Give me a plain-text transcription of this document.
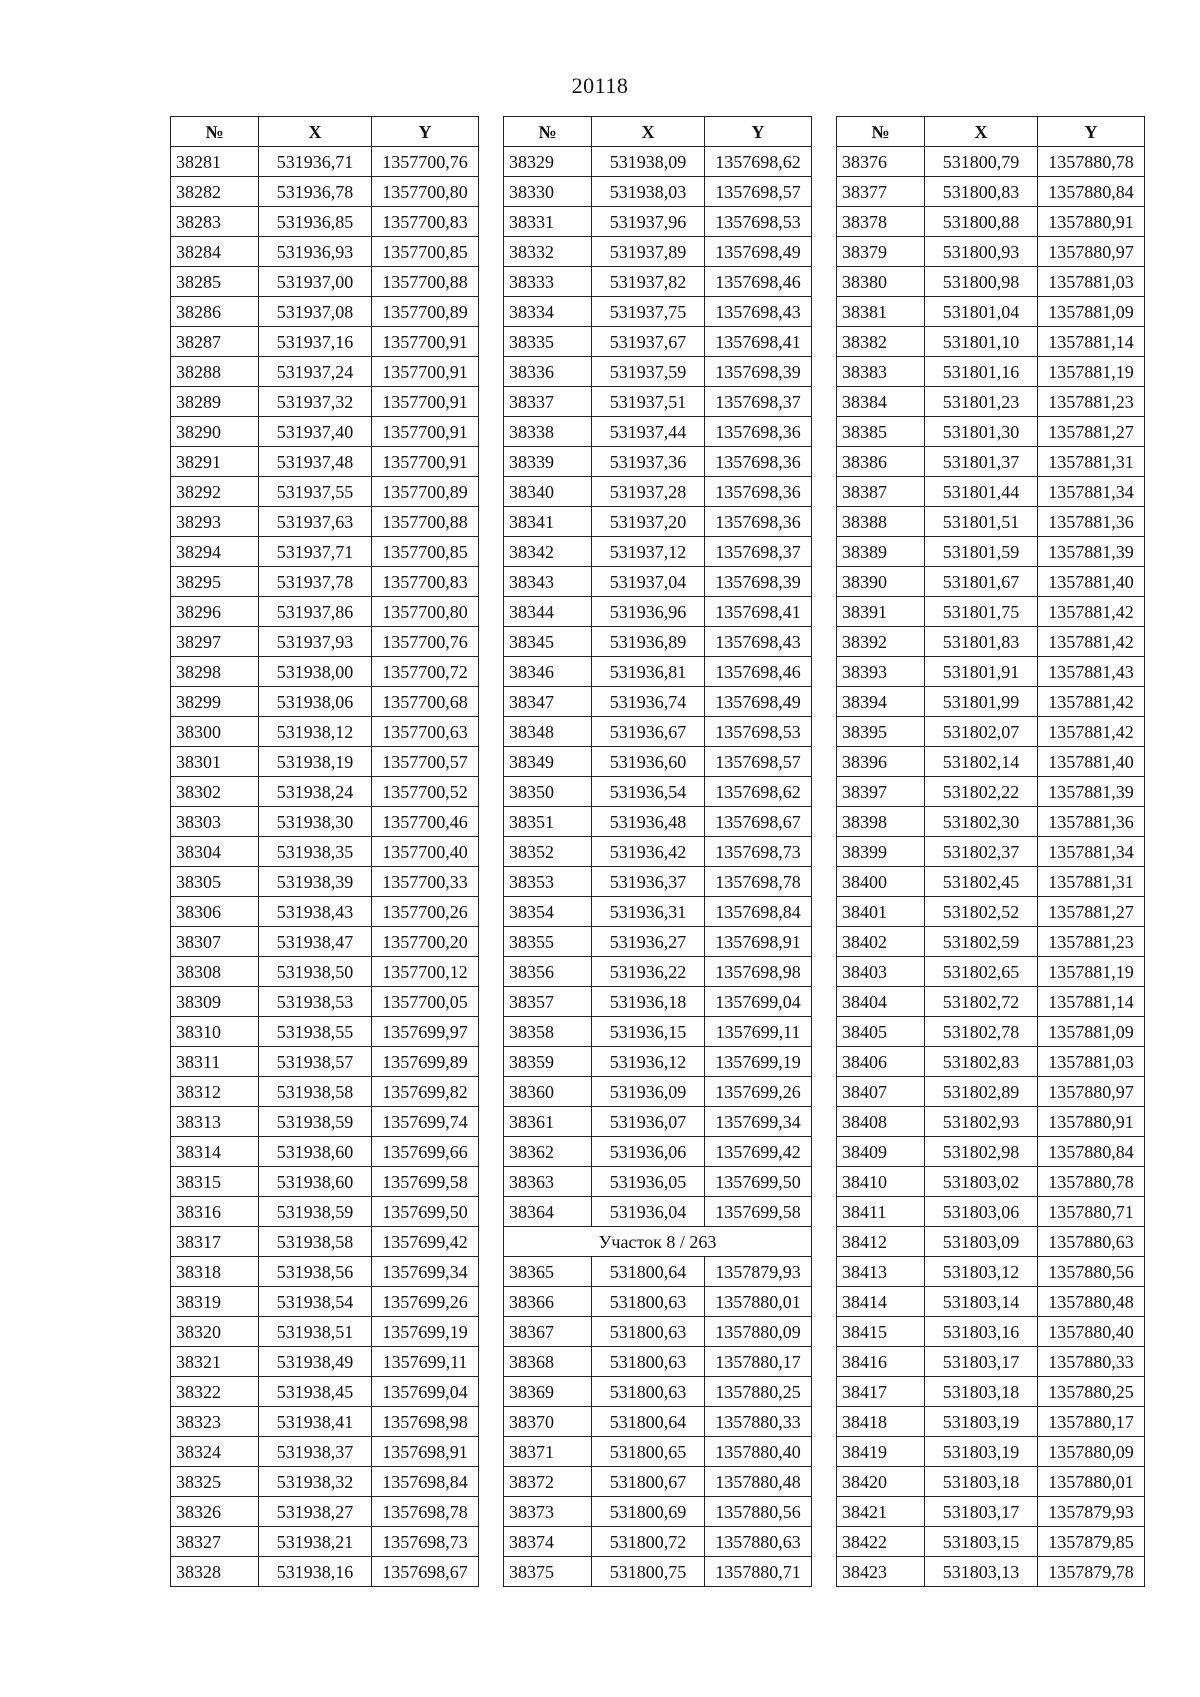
20118
№	X	Y
38281	531936,71	1357700,76
38282	531936,78	1357700,80
38283	531936,85	1357700,83
38284	531936,93	1357700,85
38285	531937,00	1357700,88
38286	531937,08	1357700,89
38287	531937,16	1357700,91
38288	531937,24	1357700,91
38289	531937,32	1357700,91
38290	531937,40	1357700,91
38291	531937,48	1357700,91
38292	531937,55	1357700,89
38293	531937,63	1357700,88
38294	531937,71	1357700,85
38295	531937,78	1357700,83
38296	531937,86	1357700,80
38297	531937,93	1357700,76
38298	531938,00	1357700,72
38299	531938,06	1357700,68
38300	531938,12	1357700,63
38301	531938,19	1357700,57
38302	531938,24	1357700,52
38303	531938,30	1357700,46
38304	531938,35	1357700,40
38305	531938,39	1357700,33
38306	531938,43	1357700,26
38307	531938,47	1357700,20
38308	531938,50	1357700,12
38309	531938,53	1357700,05
38310	531938,55	1357699,97
38311	531938,57	1357699,89
38312	531938,58	1357699,82
38313	531938,59	1357699,74
38314	531938,60	1357699,66
38315	531938,60	1357699,58
38316	531938,59	1357699,50
38317	531938,58	1357699,42
38318	531938,56	1357699,34
38319	531938,54	1357699,26
38320	531938,51	1357699,19
38321	531938,49	1357699,11
38322	531938,45	1357699,04
38323	531938,41	1357698,98
38324	531938,37	1357698,91
38325	531938,32	1357698,84
38326	531938,27	1357698,78
38327	531938,21	1357698,73
38328	531938,16	1357698,67
№	X	Y
38329	531938,09	1357698,62
38330	531938,03	1357698,57
38331	531937,96	1357698,53
38332	531937,89	1357698,49
38333	531937,82	1357698,46
38334	531937,75	1357698,43
38335	531937,67	1357698,41
38336	531937,59	1357698,39
38337	531937,51	1357698,37
38338	531937,44	1357698,36
38339	531937,36	1357698,36
38340	531937,28	1357698,36
38341	531937,20	1357698,36
38342	531937,12	1357698,37
38343	531937,04	1357698,39
38344	531936,96	1357698,41
38345	531936,89	1357698,43
38346	531936,81	1357698,46
38347	531936,74	1357698,49
38348	531936,67	1357698,53
38349	531936,60	1357698,57
38350	531936,54	1357698,62
38351	531936,48	1357698,67
38352	531936,42	1357698,73
38353	531936,37	1357698,78
38354	531936,31	1357698,84
38355	531936,27	1357698,91
38356	531936,22	1357698,98
38357	531936,18	1357699,04
38358	531936,15	1357699,11
38359	531936,12	1357699,19
38360	531936,09	1357699,26
38361	531936,07	1357699,34
38362	531936,06	1357699,42
38363	531936,05	1357699,50
38364	531936,04	1357699,58
Участок 8 / 263		
38365	531800,64	1357879,93
38366	531800,63	1357880,01
38367	531800,63	1357880,09
38368	531800,63	1357880,17
38369	531800,63	1357880,25
38370	531800,64	1357880,33
38371	531800,65	1357880,40
38372	531800,67	1357880,48
38373	531800,69	1357880,56
38374	531800,72	1357880,63
38375	531800,75	1357880,71
№	X	Y
38376	531800,79	1357880,78
38377	531800,83	1357880,84
38378	531800,88	1357880,91
38379	531800,93	1357880,97
38380	531800,98	1357881,03
38381	531801,04	1357881,09
38382	531801,10	1357881,14
38383	531801,16	1357881,19
38384	531801,23	1357881,23
38385	531801,30	1357881,27
38386	531801,37	1357881,31
38387	531801,44	1357881,34
38388	531801,51	1357881,36
38389	531801,59	1357881,39
38390	531801,67	1357881,40
38391	531801,75	1357881,42
38392	531801,83	1357881,42
38393	531801,91	1357881,43
38394	531801,99	1357881,42
38395	531802,07	1357881,42
38396	531802,14	1357881,40
38397	531802,22	1357881,39
38398	531802,30	1357881,36
38399	531802,37	1357881,34
38400	531802,45	1357881,31
38401	531802,52	1357881,27
38402	531802,59	1357881,23
38403	531802,65	1357881,19
38404	531802,72	1357881,14
38405	531802,78	1357881,09
38406	531802,83	1357881,03
38407	531802,89	1357880,97
38408	531802,93	1357880,91
38409	531802,98	1357880,84
38410	531803,02	1357880,78
38411	531803,06	1357880,71
38412	531803,09	1357880,63
38413	531803,12	1357880,56
38414	531803,14	1357880,48
38415	531803,16	1357880,40
38416	531803,17	1357880,33
38417	531803,18	1357880,25
38418	531803,19	1357880,17
38419	531803,19	1357880,09
38420	531803,18	1357880,01
38421	531803,17	1357879,93
38422	531803,15	1357879,85
38423	531803,13	1357879,78
